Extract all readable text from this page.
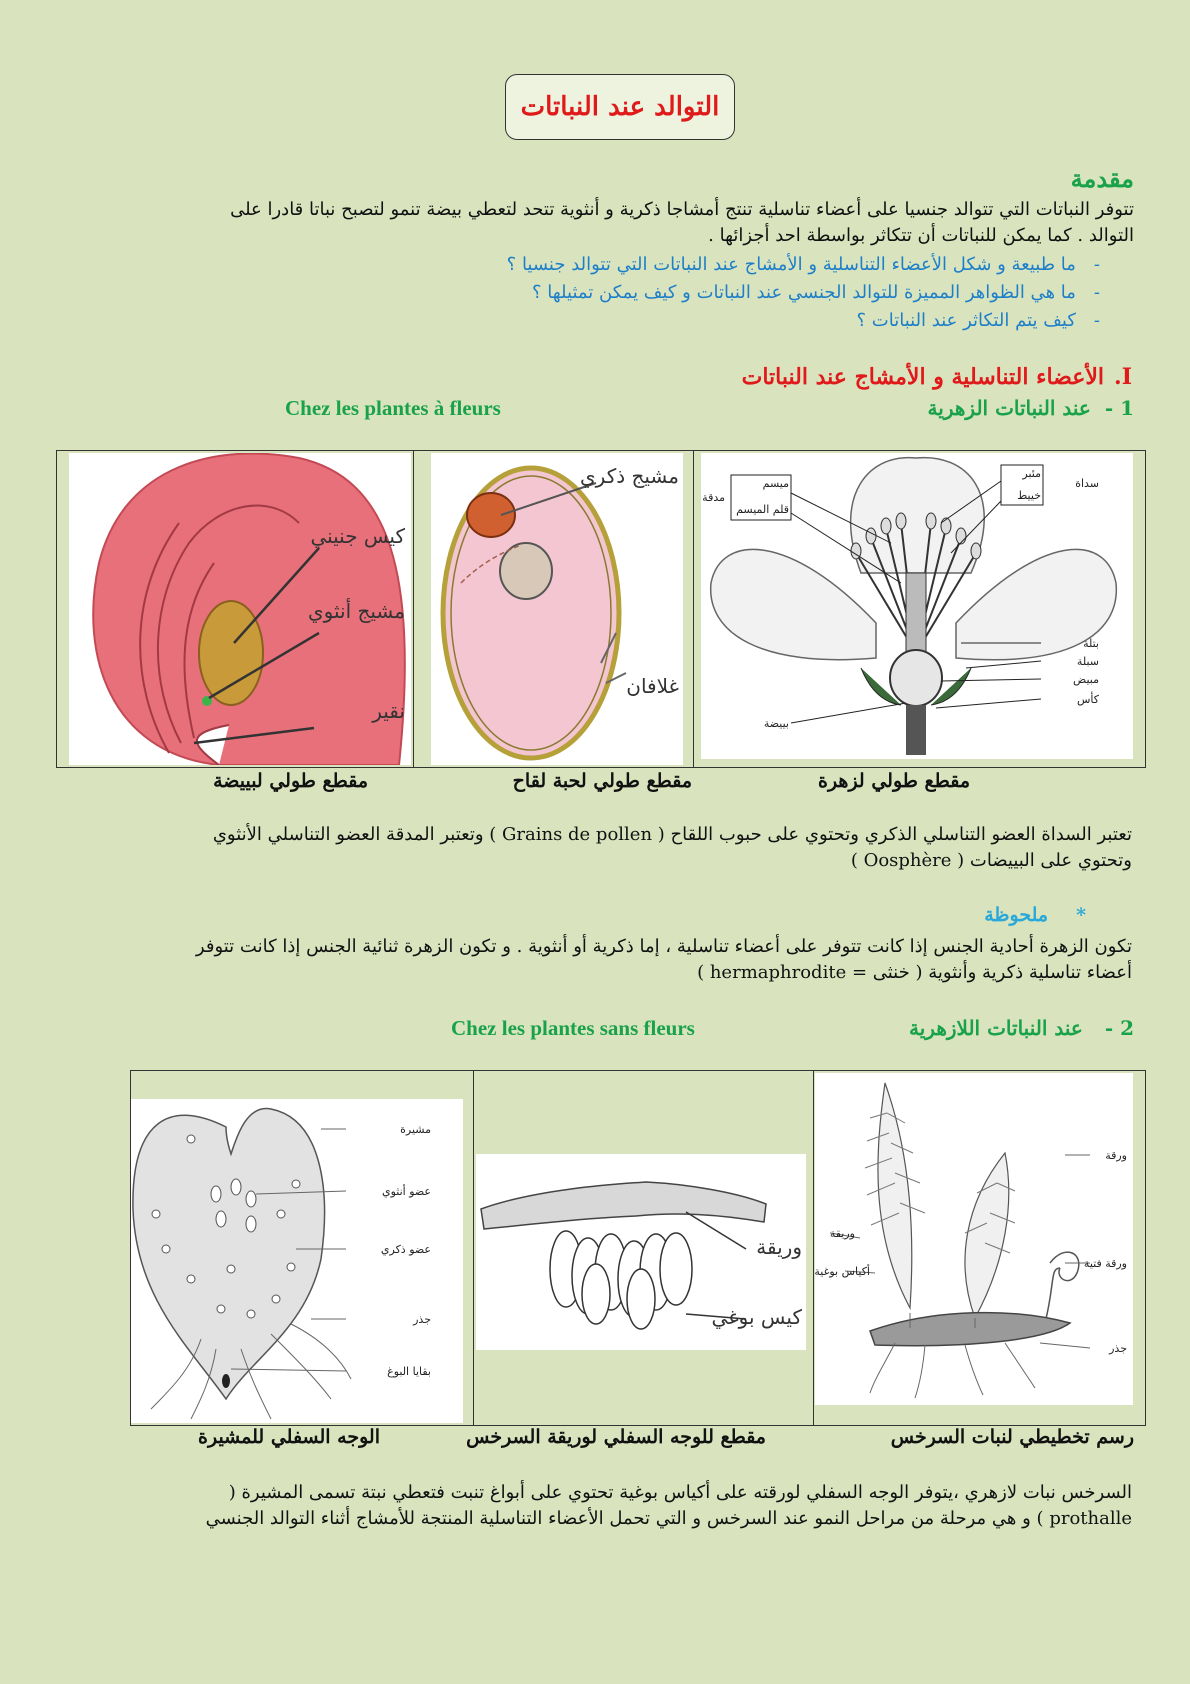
التوالد عند النباتات
مقدمة
تتوفر النباتات التي تتوالد جنسيا على أعضاء تناسلية تنتج أمشاجا ذكرية و أنثوية تتحد لتعطي بيضة تنمو لتصبح نباتا قادرا على التوالد . كما يمكن للنباتات أن تتكاثر بواسطة احد أجزائها .
-ما طبيعة و شكل الأعضاء التناسلية و الأمشاج عند النباتات التي تتوالد جنسيا ؟
-ما هي الظواهر المميزة للتوالد الجنسي عند النباتات و كيف يمكن تمثيلها ؟
-كيف يتم التكاثر عند النباتات ؟
I.الأعضاء التناسلية و الأمشاج عند النباتات
1 -عند النباتات الزهرية
Chez les plantes à fleurs
كيس جنيني
مشيج أنثوي
نقير
مشيج ذكري
غلافان
مئبر
خييط
سداة
ميسم
قلم الميسم
مدقة
بتلة
سبلة
مبيض
كأس
بييضة
مقطع طولي لزهرة
مقطع طولي لحبة لقاح
مقطع طولي لبييضة
تعتبر السداة العضو التناسلي الذكري وتحتوي على حبوب اللقاح ( Grains de pollen ) وتعتبر المدقة العضو التناسلي الأنثوي وتحتوي على البييضات ( Oosphère )
*ملحوظة
تكون الزهرة أحادية الجنس إذا كانت تتوفر على أعضاء تناسلية ، إما ذكرية أو أنثوية . و تكون الزهرة ثنائية الجنس إذا كانت تتوفر أعضاء تناسلية ذكرية وأنثوية ( خنثى = hermaphrodite )
2 -عند النباتات اللازهرية
Chez les plantes sans fleurs
مشيرة
عضو أنثوي
عضو ذكري
جذر
بقايا البوغ
وريقة
كيس بوغي
ورقة
وريقة
أكياس بوغية
ورقة فتية
جذر
رسم تخطيطي لنبات السرخس
مقطع للوجه السفلي لوريقة السرخس
الوجه السفلي للمشيرة
السرخس نبات لازهري ،يتوفر الوجه السفلي لورقته على أكياس بوغية تحتوي على أبواغ تنبت فتعطي نبتة تسمى المشيرة ( prothalle ) و هي مرحلة من مراحل النمو عند السرخس و التي تحمل الأعضاء التناسلية المنتجة للأمشاج أثناء التوالد الجنسي
